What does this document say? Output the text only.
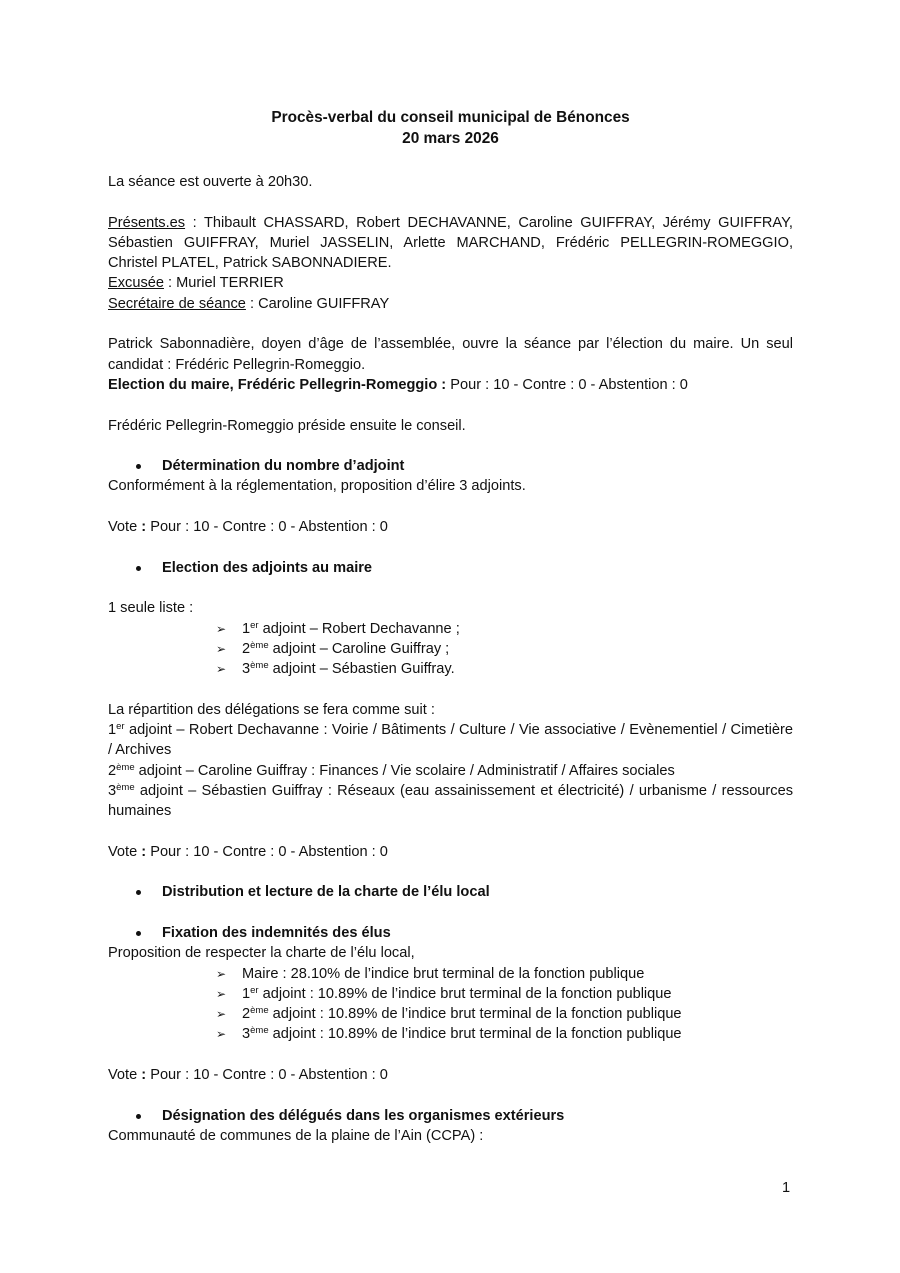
Procès-verbal du conseil municipal de Bénonces

20 mars 2026

La séance est ouverte à 20h30.

Présents.es : Thibault CHASSARD, Robert DECHAVANNE, Caroline GUIFFRAY, Jérémy GUIFFRAY, Sébastien GUIFFRAY, Muriel JASSELIN, Arlette MARCHAND, Frédéric PELLEGRIN-ROMEGGIO, Christel PLATEL, Patrick SABONNADIERE.

Excusée : Muriel TERRIER

Secrétaire de séance : Caroline GUIFFRAY

Patrick Sabonnadière, doyen d’âge de l’assemblée, ouvre la séance par l’élection du maire. Un seul candidat : Frédéric Pellegrin-Romeggio.

Election du maire, Frédéric Pellegrin-Romeggio : Pour : 10 - Contre : 0 - Abstention : 0

Frédéric Pellegrin-Romeggio préside ensuite le conseil.

Détermination du nombre d’adjoint

Conformément à la réglementation, proposition d’élire 3 adjoints.

Vote : Pour : 10 - Contre : 0 - Abstention : 0

Election des adjoints au maire

1 seule liste :

➢ 1er adjoint – Robert Dechavanne ;

➢ 2ème adjoint – Caroline Guiffray ;

➢ 3ème adjoint – Sébastien Guiffray.

La répartition des délégations se fera comme suit :

1er adjoint – Robert Dechavanne : Voirie / Bâtiments / Culture / Vie associative / Evènementiel / Cimetière / Archives

2ème adjoint – Caroline Guiffray : Finances / Vie scolaire / Administratif / Affaires sociales

3ème adjoint – Sébastien Guiffray : Réseaux (eau assainissement et électricité) / urbanisme / ressources humaines

Vote : Pour : 10 - Contre : 0 - Abstention : 0

Distribution et lecture de la charte de l’élu local

Fixation des indemnités des élus

Proposition de respecter la charte de l’élu local,

➢ Maire : 28.10% de l’indice brut terminal de la fonction publique

➢ 1er adjoint : 10.89% de l’indice brut terminal de la fonction publique

➢ 2ème adjoint : 10.89% de l’indice brut terminal de la fonction publique

➢ 3ème adjoint : 10.89% de l’indice brut terminal de la fonction publique

Vote : Pour : 10 - Contre : 0 - Abstention : 0

Désignation des délégués dans les organismes extérieurs

Communauté de communes de la plaine de l’Ain (CCPA) :

1
